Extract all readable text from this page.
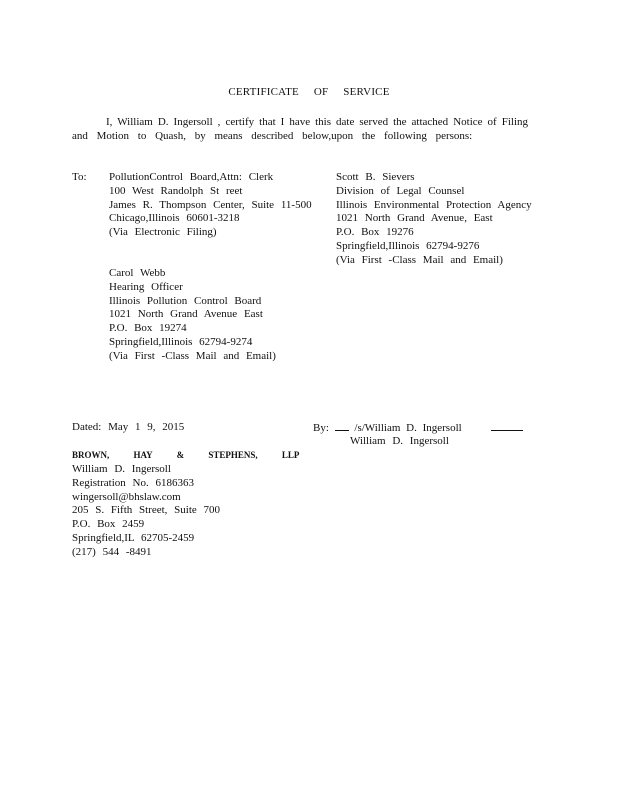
CERTIFICATE OF SERVICE

I, William D. Ingersoll , certify that I have this date served the attached Notice of Filing

and Motion to Quash, by means described below,upon the following persons:

To: PollutionControl Board,Attn: Clerk
100 West Randolph St reet
James R. Thompson Center, Suite 11-500
Chicago,Illinois 60601-3218
(Via Electronic Filing)
Scott B. Sievers
Division of Legal Counsel
Illinois Environmental Protection Agency
1021 North Grand Avenue, East
P.O. Box 19276
Springfield,Illinois 62794-9276
(Via First -Class Mail and Email)
Carol Webb
Hearing Officer
Illinois Pollution Control Board
1021 North Grand Avenue East
P.O. Box 19274
Springfield,Illinois 62794-9274
(Via First -Class Mail and Email)
Dated: May 1 9, 2015	By: /s/William D. Ingersoll
William D. Ingersoll
BROWN, HAY & STEPHENS, LLP
William D. Ingersoll
Registration No. 6186363
wingersoll@bhslaw.com
205 S. Fifth Street, Suite 700
P.O. Box 2459
Springfield,IL 62705-2459
(217) 544 -8491
